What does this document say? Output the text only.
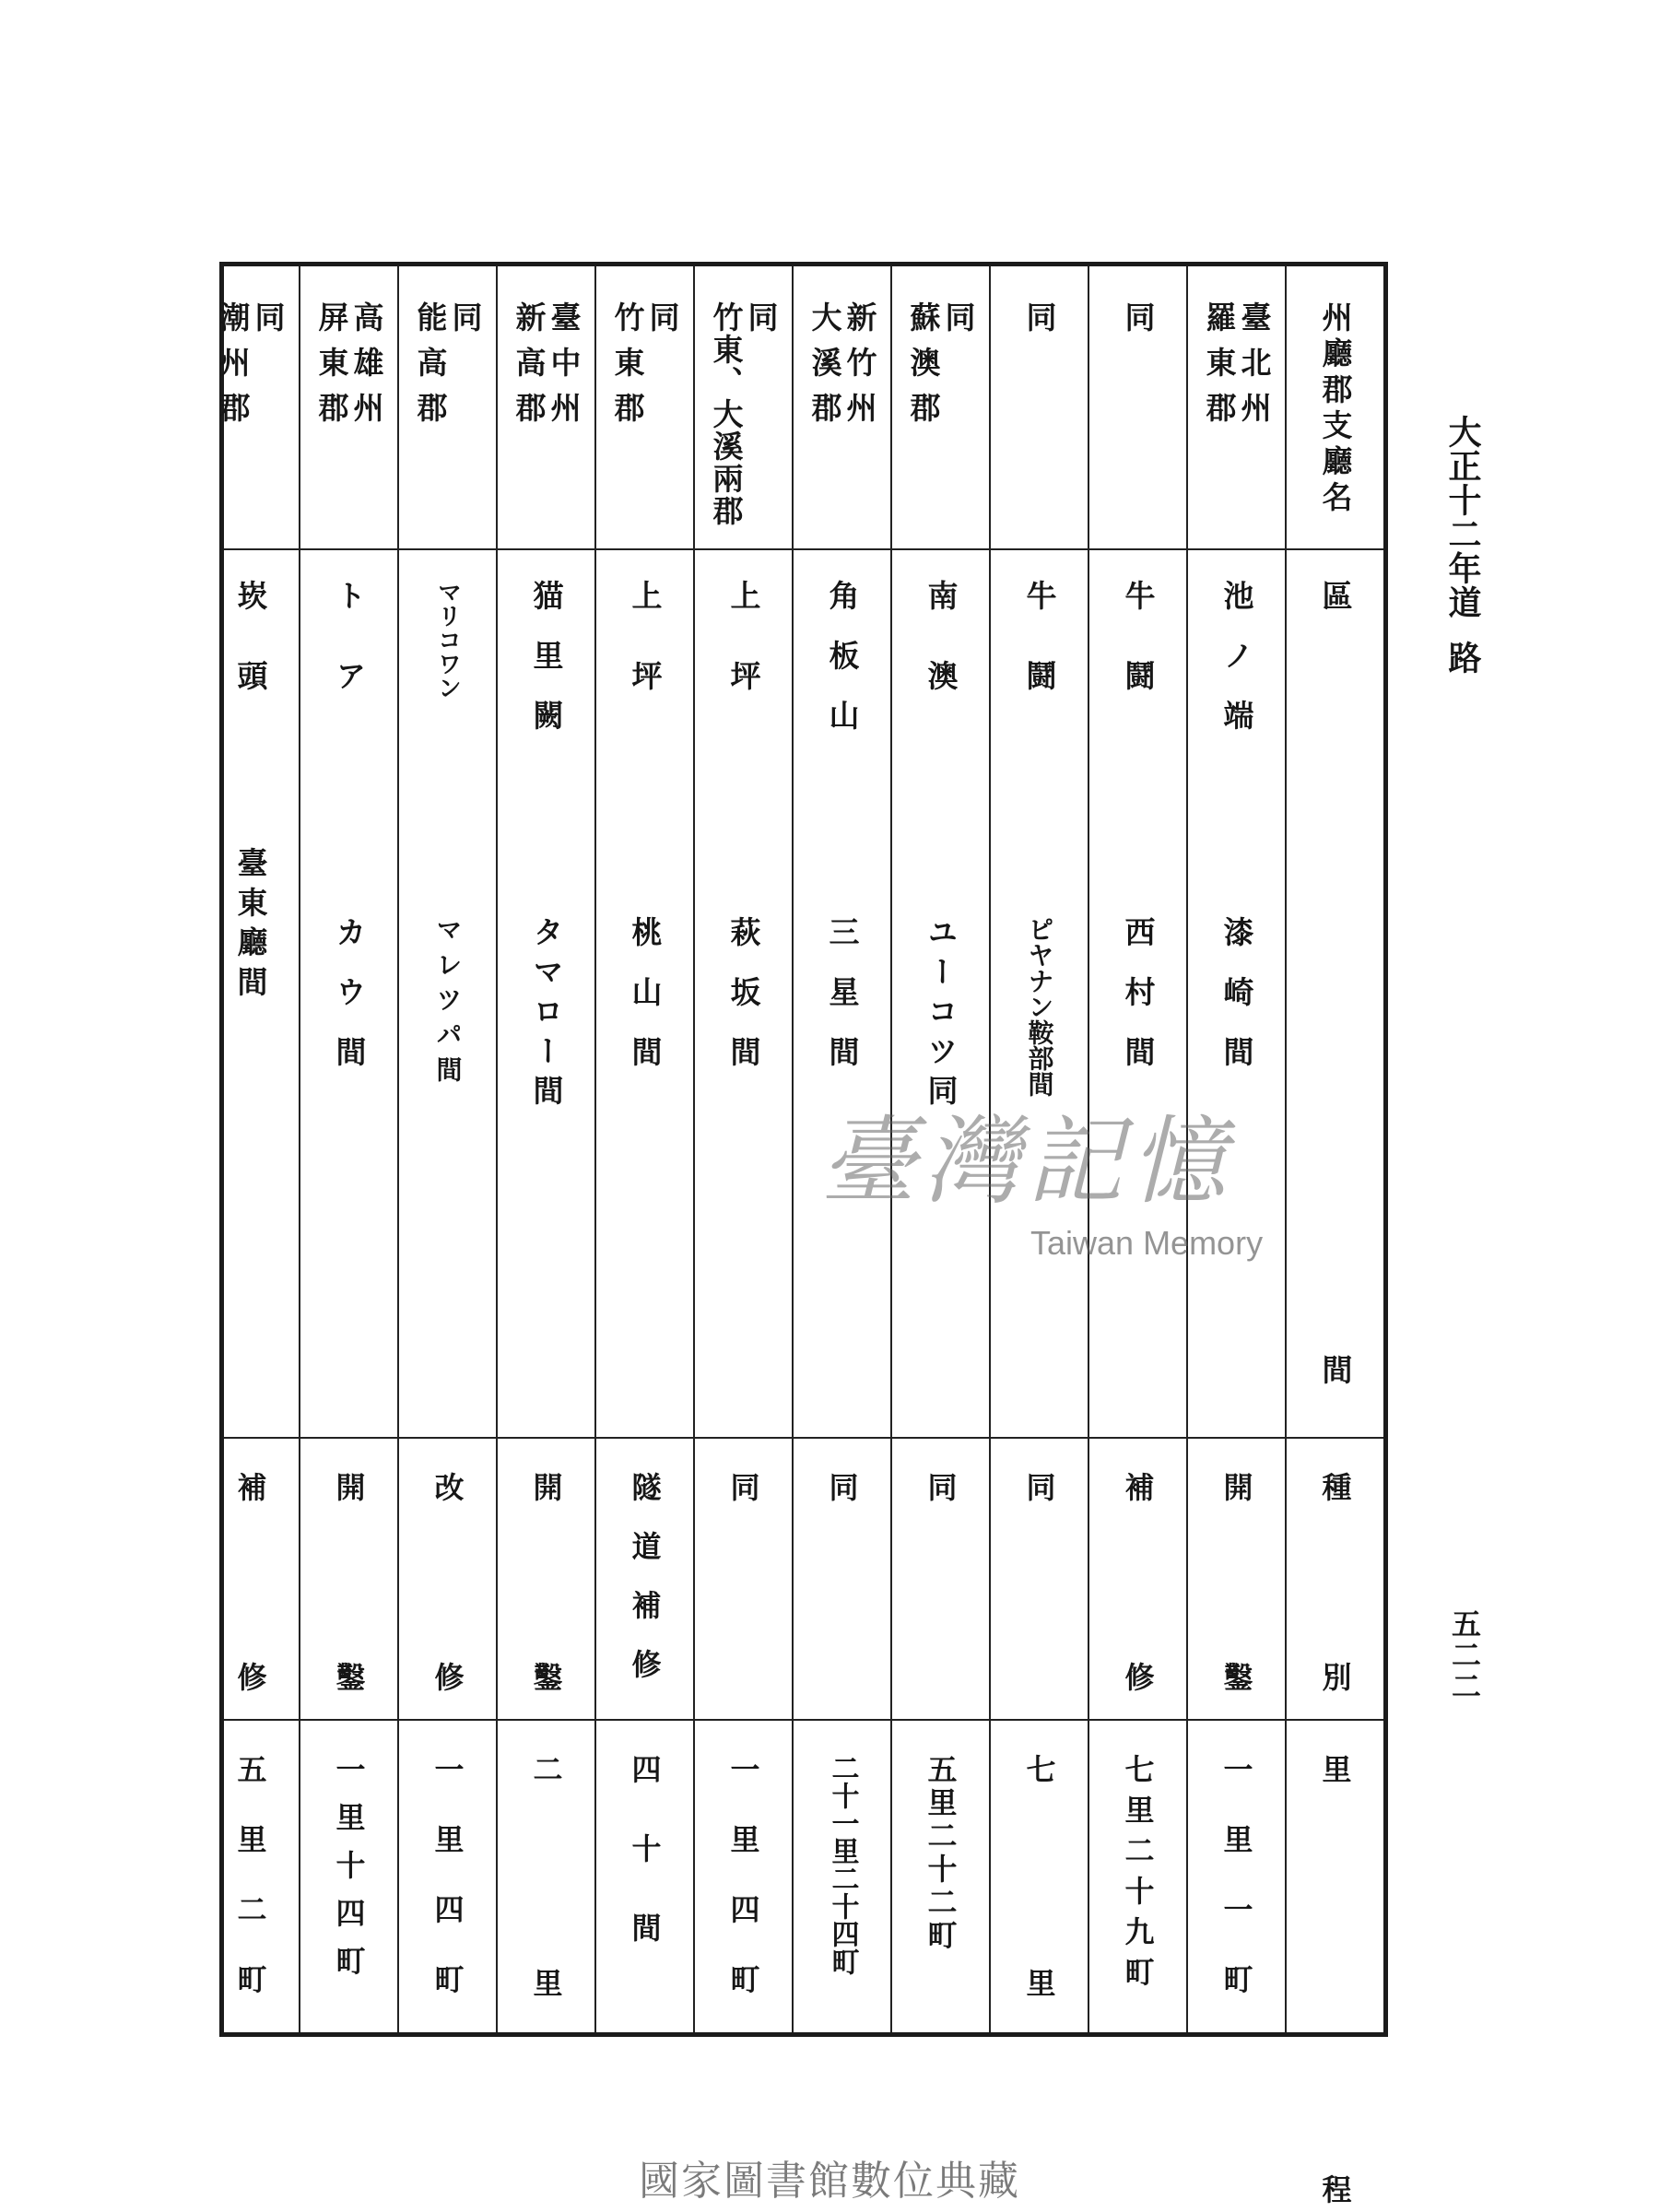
大正十二年道路
五二二
州廳郡支廳名
區
間
種
別
里
程
臺北州
羅東郡
池ノ端
漆崎間
開
鑿
一里一町
同
牛鬪
西村間
補
修
七里二十九町
同
牛鬪
ピヤナン鞍部間
同
七里
同
蘇澳郡
南澳
ユーコツ同
同
五里二十二町
新竹州
大溪郡
角板山
三星間
同
二十一里二十四町
同
竹東、大溪兩郡
上坪
萩坂間
同
一里四町
同
竹東郡
上坪
桃山間
隧道補修
四十間
臺中州
新高郡
猫里闕
タマロー間
開
鑿
二里
同
能高郡
マリコワン
マレツパ間
改
修
一里四町
高雄州
屏東郡
トア
カウ間
開
鑿
一里十四町
同
潮州郡
崁頭
臺東廳間
補
修
五里二町
臺灣記憶
Taiwan Memory
國家圖書館數位典藏
